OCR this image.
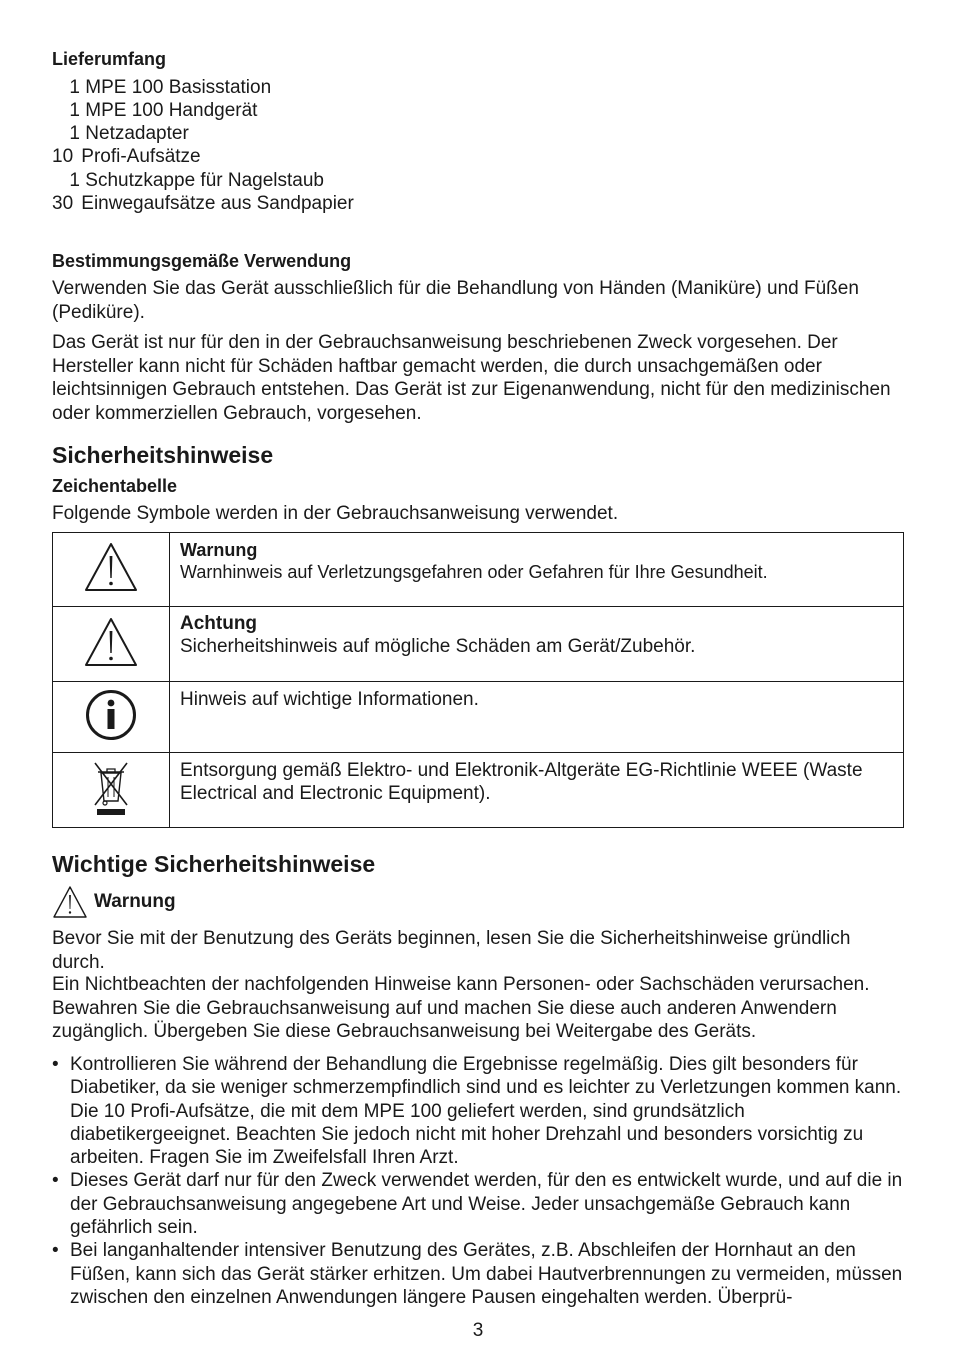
Lieferumfang
1 MPE 100 Basisstation
1 MPE 100 Handgerät
1 Netzadapter
10 Profi-Aufsätze
1 Schutzkappe für Nagelstaub
30 Einwegaufsätze aus Sandpapier
Bestimmungsgemäße Verwendung
Verwenden Sie das Gerät ausschließlich für die Behandlung von Händen (Maniküre) und Füßen (Pediküre).
Das Gerät ist nur für den in der Gebrauchsanweisung beschriebenen Zweck vorgesehen. Der Hersteller kann nicht für Schäden haftbar gemacht werden, die durch unsachgemäßen oder leichtsinnigen Gebrauch entstehen. Das Gerät ist zur Eigenanwendung, nicht für den medizinischen oder kommerziellen Gebrauch, vorgesehen.
Sicherheitshinweise
Zeichentabelle
Folgende Symbole werden in der Gebrauchsanweisung verwendet.

Warnung
Warnhinweis auf Verletzungsgefahren oder Gefahren für Ihre Gesundheit.

Achtung
Sicherheitshinweis auf mögliche Schäden am Gerät/Zubehör.

Hinweis auf wichtige Informationen.

Entsorgung gemäß Elektro- und Elektronik-Altgeräte EG-Richtlinie WEEE (Waste Electrical and Electronic Equipment).
Wichtige Sicherheitshinweise
Warnung
Bevor Sie mit der Benutzung des Geräts beginnen, lesen Sie die Sicherheitshinweise gründlich durch.
Ein Nichtbeachten der nachfolgenden Hinweise kann Personen- oder Sachschäden verursachen. Bewahren Sie die Gebrauchsanweisung auf und machen Sie diese auch anderen Anwendern zugänglich. Übergeben Sie diese Gebrauchsanweisung bei Weitergabe des Geräts.
• Kontrollieren Sie während der Behandlung die Ergebnisse regelmäßig. Dies gilt besonders für Diabetiker, da sie weniger schmerzempfindlich sind und es leichter zu Verletzungen kommen kann. Die 10 Profi-Aufsätze, die mit dem MPE 100 geliefert werden, sind grundsätzlich diabetikergeeignet. Beachten Sie jedoch nicht mit hoher Drehzahl und besonders vorsichtig zu arbeiten. Fragen Sie im Zweifelsfall Ihren Arzt.
• Dieses Gerät darf nur für den Zweck verwendet werden, für den es entwickelt wurde, und auf die in der Gebrauchsanweisung angegebene Art und Weise. Jeder unsachgemäße Gebrauch kann gefährlich sein.
• Bei langanhaltender intensiver Benutzung des Gerätes, z.B. Abschleifen der Hornhaut an den Füßen, kann sich das Gerät stärker erhitzen. Um dabei Hautverbrennungen zu vermeiden, müssen zwischen den einzelnen Anwendungen längere Pausen eingehalten werden. Überprü-
3
